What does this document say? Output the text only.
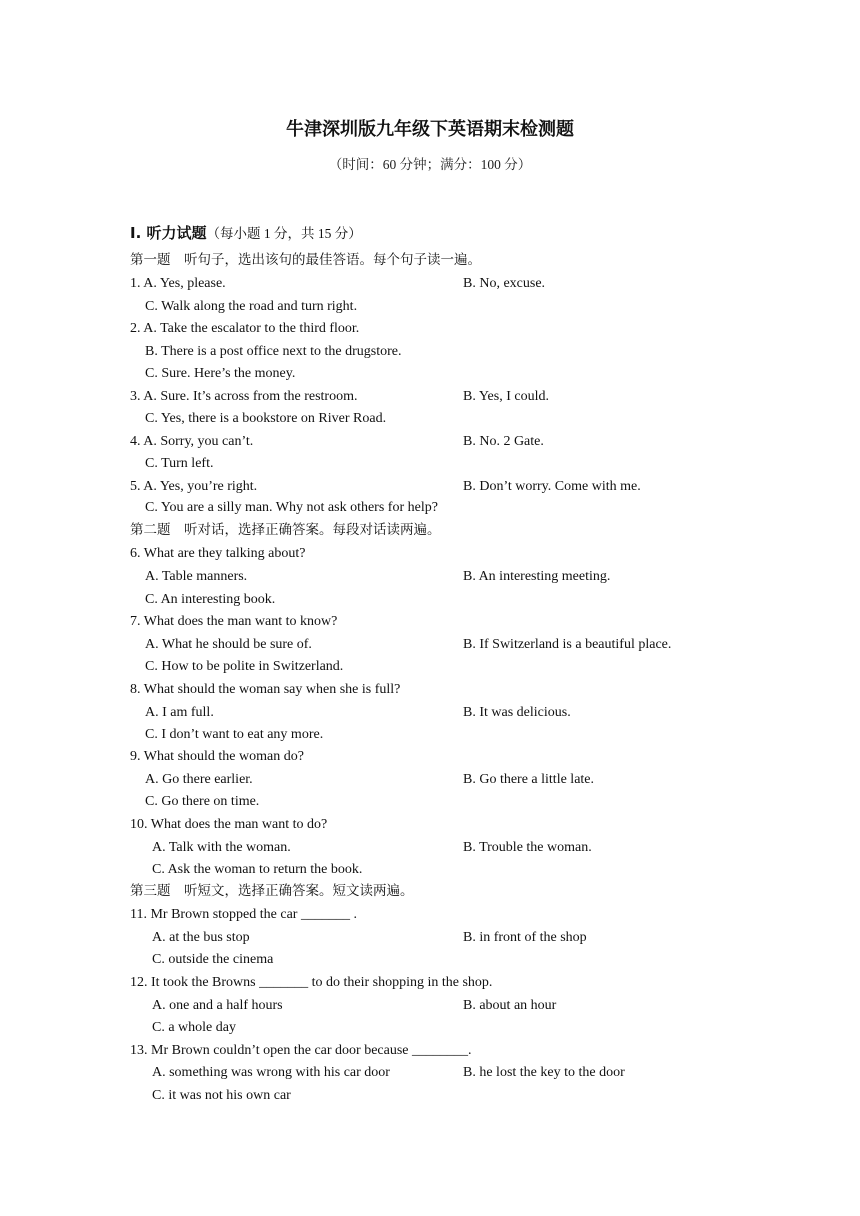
牛津深圳版九年级下英语期末检测题
（时间：60 分钟；满分：100 分）
Ⅰ. 听力试题（每小题 1 分，共 15 分）
第一题　听句子，选出该句的最佳答语。每个句子读一遍。
1. A. Yes, please.	B. No, excuse.
C. Walk along the road and turn right.
2. A. Take the escalator to the third floor.
B. There is a post office next to the drugstore.
C. Sure. Here’s the money.
3. A. Sure. It’s across from the restroom.	B. Yes, I could.
C. Yes, there is a bookstore on River Road.
4. A. Sorry, you can’t.	B. No. 2 Gate.
C. Turn left.
5. A. Yes, you’re right.	B. Don’t worry. Come with me.
C. You are a silly man. Why not ask others for help?
第二题　听对话，选择正确答案。每段对话读两遍。
6. What are they talking about?
A. Table manners.	B. An interesting meeting.
C. An interesting book.
7. What does the man want to know?
A. What he should be sure of.	B. If Switzerland is a beautiful place.
C. How to be polite in Switzerland.
8. What should the woman say when she is full?
A. I am full.	B. It was delicious.
C. I don’t want to eat any more.
9. What should the woman do?
A. Go there earlier.	B. Go there a little late.
C. Go there on time.
10. What does the man want to do?
A. Talk with the woman.	B. Trouble the woman.
C. Ask the woman to return the book.
第三题　听短文，选择正确答案。短文读两遍。
11. Mr Brown stopped the car _______ .
A. at the bus stop	B. in front of the shop
C. outside the cinema
12. It took the Browns _______ to do their shopping in the shop.
A. one and a half hours	B. about an hour
C. a whole day
13. Mr Brown couldn’t open the car door because ________.
A. something was wrong with his car door	B. he lost the key to the door
C. it was not his own car
